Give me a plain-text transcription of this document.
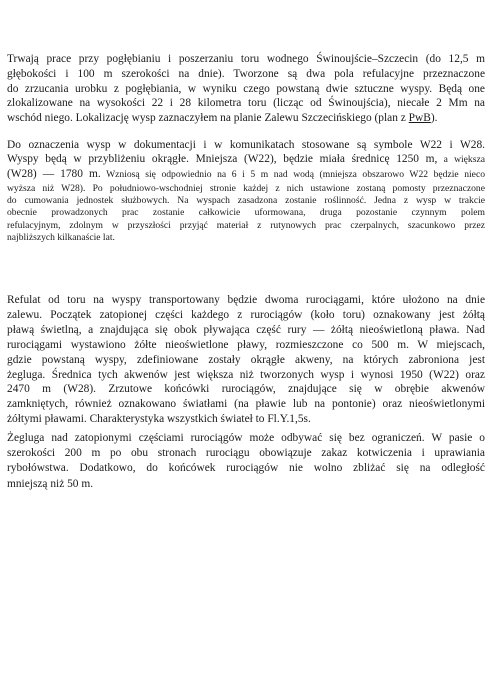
Trwają prace przy pogłębianiu i poszerzaniu toru wodnego Świnoujście–Szczecin (do 12,5 m
głębokości i 100 m szerokości na dnie). Tworzone są dwa pola refulacyjne przeznaczone
do zrzucania urobku z pogłębiania, w wyniku czego powstaną dwie sztuczne wyspy. Będą one
zlokalizowane na wysokości 22 i 28 kilometra toru (licząc od Świnoujścia), niecałe 2 Mm na
wschód niego. Lokalizację wysp zaznaczyłem na planie Zalewu Szczecińskiego (plan z PwB).

Do oznaczenia wysp w dokumentacji i w komunikatach stosowane są symbole W22 i W28.
Wyspy będą w przybliżeniu okrągłe. Mniejsza (W22), będzie miała średnicę 1250 m, a większa
(W28) — 1780 m. Wzniosą się odpowiednio na 6 i 5 m nad wodą (mniejsza obszarowo W22 będzie nieco
wyższa niż W28). Po południowo-wschodniej stronie każdej z nich ustawione zostaną pomosty przeznaczone
do cumowania jednostek służbowych. Na wyspach zasadzona zostanie roślinność. Jedna z wysp w trakcie
obecnie prowadzonych prac zostanie całkowicie uformowana, druga pozostanie czynnym polem
refulacyjnym, zdolnym w przyszłości przyjąć materiał z rutynowych prac czerpalnych, szacunkowo przez
najbliższych kilkanaście lat.

Refulat od toru na wyspy transportowany będzie dwoma rurociągami, które ułożono na dnie
zalewu. Początek zatopionej części każdego z rurociągów (koło toru) oznakowany jest żółtą
pławą świetlną, a znajdująca się obok pływająca część rury — żółtą nieoświetloną pława. Nad
rurociągami wystawiono żółte nieoświetlone pławy, rozmieszczone co 500 m. W miejscach,
gdzie powstaną wyspy, zdefiniowane zostały okrągłe akweny, na których zabroniona jest
żegluga. Średnica tych akwenów jest większa niż tworzonych wysp i wynosi 1950 (W22) oraz
2470 m (W28). Zrzutowe końcówki rurociągów, znajdujące się w obrębie akwenów
zamkniętych, również oznakowano światłami (na pławie lub na pontonie) oraz nieoświetlonymi
żółtymi pławami. Charakterystyka wszystkich świateł to Fl.Y.1,5s.

Żegluga nad zatopionymi częściami rurociągów może odbywać się bez ograniczeń. W pasie o
szerokości 200 m po obu stronach rurociągu obowiązuje zakaz kotwiczenia i uprawiania
rybołówstwa. Dodatkowo, do końcówek rurociągów nie wolno zbliżać się na odległość
mniejszą niż 50 m.
